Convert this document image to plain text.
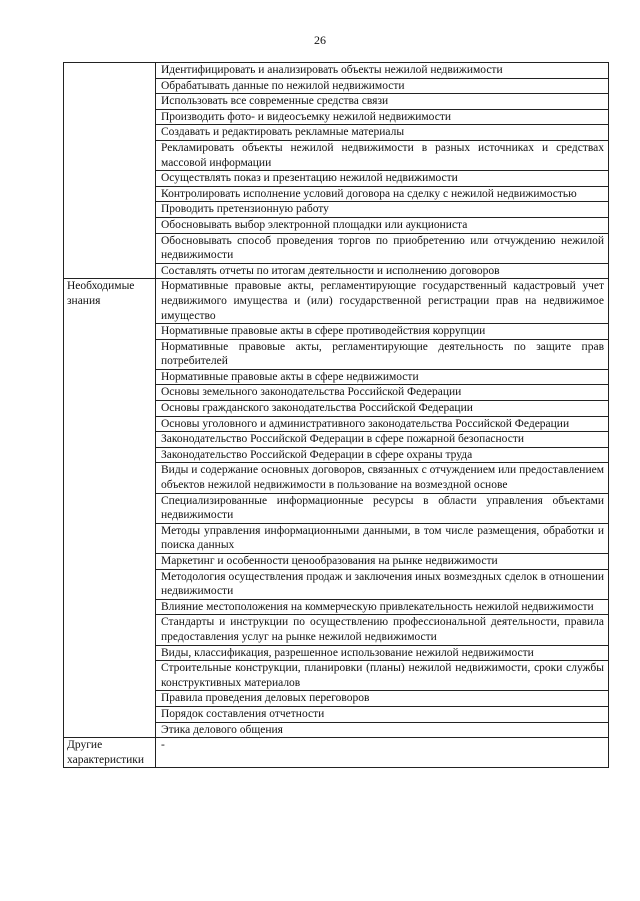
26
	Идентифицировать и анализировать объекты нежилой недвижимости
	Обрабатывать данные по нежилой недвижимости
	Использовать все современные средства связи
	Производить фото- и видеосъемку нежилой недвижимости
	Создавать и редактировать рекламные материалы
	Рекламировать объекты нежилой недвижимости в разных источниках и средствах массовой информации
	Осуществлять показ и презентацию нежилой недвижимости
	Контролировать исполнение условий договора на сделку с нежилой недвижимостью
	Проводить претензионную работу
	Обосновывать выбор электронной площадки или аукциониста
	Обосновывать способ проведения торгов по приобретению или отчуждению нежилой недвижимости
	Составлять отчеты по итогам деятельности и исполнению договоров
Необходимые знания	Нормативные правовые акты, регламентирующие государственный кадастровый учет недвижимого имущества и (или) государственной регистрации прав на недвижимое имущество
	Нормативные правовые акты в сфере противодействия коррупции
	Нормативные правовые акты, регламентирующие деятельность по защите прав потребителей
	Нормативные правовые акты в сфере недвижимости
	Основы земельного законодательства Российской Федерации
	Основы гражданского законодательства Российской Федерации
	Основы уголовного и административного законодательства Российской Федерации
	Законодательство Российской Федерации в сфере пожарной безопасности
	Законодательство Российской Федерации в сфере охраны труда
	Виды и содержание основных договоров, связанных с отчуждением или предоставлением объектов нежилой недвижимости в пользование на возмездной основе
	Специализированные информационные ресурсы в области управления объектами недвижимости
	Методы управления информационными данными, в том числе размещения, обработки и поиска данных
	Маркетинг и особенности ценообразования на рынке недвижимости
	Методология осуществления продаж и заключения иных возмездных сделок в отношении недвижимости
	Влияние местоположения на коммерческую привлекательность нежилой недвижимости
	Стандарты и инструкции по осуществлению профессиональной деятельности, правила предоставления услуг на рынке нежилой недвижимости
	Виды, классификация, разрешенное использование нежилой недвижимости
	Строительные конструкции, планировки (планы) нежилой недвижимости, сроки службы конструктивных материалов
	Правила проведения деловых переговоров
	Порядок составления отчетности
	Этика делового общения
Другие характеристики	-
